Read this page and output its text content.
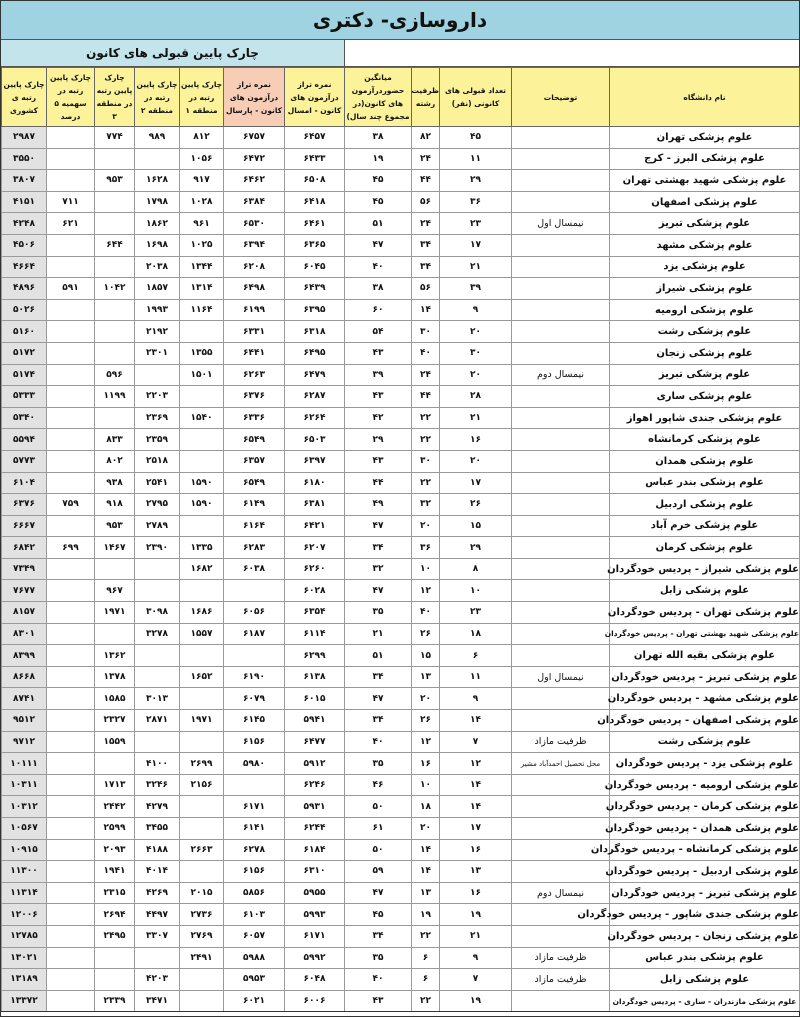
داروسازی- دکتری
چارک پایین قبولی های کانون
چارک پایین رتبه ی کشوری	چارک پایین رتبه در سهمیه ۵ درصد	چارک پایین رتبه در منطقه ۳	چارک پایین رتبه در منطقه ۲	چارک پایین رتبه در منطقه ۱	نمره تراز درآزمون های کانون - پارسال	نمره تراز درآزمون های کانون - امسال	میانگین حضوردرآزمون های کانون(در مجموع چند سال)	ظرفیت رشته	تعداد قبولی های کانونی (نفر)	توضیحات	نام دانشگاه
۲۹۸۷		۷۷۴	۹۸۹	۸۱۲	۶۷۵۷	۶۴۵۷	۳۸	۸۲	۴۵		علوم پزشکی تهران
۳۵۵۰				۱۰۵۶	۶۴۷۲	۶۴۳۳	۱۹	۲۴	۱۱		علوم پزشکی البرز - کرج
۳۸۰۷		۹۵۳	۱۶۲۸	۹۱۷	۶۴۶۲	۶۵۰۸	۴۵	۴۴	۲۹		علوم پزشکی شهید بهشتی تهران
۴۱۵۱	۷۱۱		۱۷۹۸	۱۰۲۸	۶۳۸۴	۶۴۱۸	۴۵	۵۶	۳۶		علوم پزشکی اصفهان
۴۲۴۸	۶۲۱		۱۸۶۲	۹۶۱	۶۵۳۰	۶۴۶۱	۵۱	۲۴	۲۳	نیمسال اول	علوم پزشکی تبریز
۴۵۰۶		۶۴۴	۱۶۹۸	۱۰۲۵	۶۳۹۴	۶۳۶۵	۴۷	۳۴	۱۷		علوم پزشکی مشهد
۴۶۶۴			۲۰۳۸	۱۳۴۴	۶۲۰۸	۶۰۴۵	۴۰	۳۴	۲۱		علوم پزشکی یزد
۴۸۹۶	۵۹۱	۱۰۴۲	۱۸۵۷	۱۳۱۴	۶۴۹۸	۶۴۳۹	۳۸	۵۶	۳۹		علوم پزشکی شیراز
۵۰۲۶			۱۹۹۳	۱۱۶۴	۶۱۹۹	۶۳۹۵	۶۰	۱۴	۹		علوم پزشکی ارومیه
۵۱۶۰			۲۱۹۲		۶۳۳۱	۶۳۱۸	۵۴	۳۰	۲۰		علوم پزشکی رشت
۵۱۷۲			۲۳۰۱	۱۳۵۵	۶۴۴۱	۶۴۹۵	۴۳	۴۰	۳۰		علوم پزشکی زنجان
۵۱۷۴		۵۹۶		۱۵۰۱	۶۲۶۳	۶۴۷۹	۳۹	۲۴	۲۰	نیمسال دوم	علوم پزشکی تبریز
۵۳۳۳		۱۱۹۹	۲۲۰۳		۶۳۷۶	۶۲۸۷	۴۳	۴۴	۲۸		علوم پزشکی ساری
۵۳۴۰			۲۳۶۹	۱۵۴۰	۶۳۳۶	۶۲۶۴	۴۲	۲۲	۲۱		علوم پزشکی جندی شاپور اهواز
۵۵۹۴		۸۳۳	۲۳۵۹		۶۵۴۹	۶۵۰۳	۲۹	۲۲	۱۶		علوم پزشکی کرمانشاه
۵۷۷۳		۸۰۲	۲۵۱۸		۶۳۵۷	۶۳۹۷	۴۳	۳۰	۲۰		علوم پزشکی همدان
۶۱۰۴		۹۳۸	۲۵۴۱	۱۵۹۰	۶۵۴۹	۶۱۸۰	۴۴	۲۲	۱۷		علوم پزشکی بندر عباس
۶۳۷۶	۷۵۹	۹۱۸	۲۷۹۵	۱۵۹۰	۶۱۴۹	۶۳۸۱	۴۹	۳۲	۲۶		علوم پزشکی اردبیل
۶۶۶۷		۹۵۳	۲۷۸۹		۶۱۶۴	۶۴۲۱	۴۷	۲۰	۱۵		علوم پزشکی خرم آباد
۶۸۴۲	۶۹۹	۱۴۶۷	۲۳۹۰	۱۳۳۵	۶۲۸۳	۶۲۰۷	۳۴	۳۶	۲۹		علوم پزشکی کرمان
۷۳۴۹				۱۶۸۲	۶۰۳۸	۶۲۶۰	۳۲	۱۰	۸		علوم پزشکی شیراز - پردیس خودگردان
۷۶۷۷		۹۶۷				۶۰۲۸	۴۷	۱۲	۱۰		علوم پزشکی زابل
۸۱۵۷		۱۹۷۱	۳۰۹۸	۱۶۸۶	۶۰۵۶	۶۳۵۴	۳۵	۴۰	۲۳		علوم پزشکی تهران - پردیس خودگردان
۸۳۰۱			۳۲۷۸	۱۵۵۷	۶۱۸۷	۶۱۱۴	۲۱	۲۶	۱۸		علوم پزشکی شهید بهشتی تهران - پردیس خودگردان
۸۳۹۹		۱۳۶۲				۶۲۹۹	۵۱	۱۵	۶		علوم پزشکی بقیه الله تهران
۸۶۶۸		۱۳۷۸		۱۶۵۲	۶۱۹۰	۶۱۳۸	۳۴	۱۳	۱۱	نیمسال اول	علوم پزشکی تبریز - پردیس خودگردان
۸۷۴۱		۱۵۸۵	۳۰۱۳		۶۰۷۹	۶۰۱۵	۴۷	۲۰	۹		علوم پزشکی مشهد - پردیس خودگردان
۹۵۱۲		۲۳۲۷	۲۸۷۱	۱۹۷۱	۶۱۴۵	۵۹۴۱	۳۴	۲۶	۱۴		علوم پزشکی اصفهان - پردیس خودگردان
۹۷۱۲		۱۵۵۹			۶۱۵۶	۶۴۷۷	۴۰	۱۲	۷	ظرفیت مازاد	علوم پزشکی رشت
۱۰۱۱۱			۴۱۰۰	۲۶۹۹	۵۹۸۰	۵۹۱۲	۳۵	۱۶	۱۲	محل تحصیل احمدآباد مشیر	علوم پزشکی یزد - پردیس خودگردان
۱۰۳۱۱		۱۷۱۳	۳۲۴۶	۲۱۵۶		۶۲۴۶	۴۶	۱۰	۱۴		علوم پزشکی ارومیه - پردیس خودگردان
۱۰۳۱۲		۲۴۴۲	۴۲۷۹		۶۱۷۱	۵۹۳۱	۵۰	۱۸	۱۴		علوم پزشکی کرمان - پردیس خودگردان
۱۰۵۶۷		۲۵۹۹	۳۴۵۵		۶۱۴۱	۶۲۴۴	۶۱	۲۰	۱۷		علوم پزشکی همدان - پردیس خودگردان
۱۰۹۱۵		۲۰۹۳	۴۱۸۸	۲۶۶۳	۶۲۷۸	۶۱۸۴	۵۰	۱۴	۱۶		علوم پزشکی کرمانشاه - پردیس خودگردان
۱۱۳۰۰		۱۹۴۱	۴۰۱۴		۶۱۵۶	۶۳۱۰	۵۹	۱۴	۱۳		علوم پزشکی اردبیل - پردیس خودگردان
۱۱۳۱۴		۲۳۱۵	۴۲۶۹	۲۰۱۵	۵۸۵۶	۵۹۵۵	۴۷	۱۳	۱۶	نیمسال دوم	علوم پزشکی تبریز - پردیس خودگردان
۱۲۰۰۶		۲۶۹۴	۴۴۹۷	۲۷۳۶	۶۱۰۳	۵۹۹۳	۴۵	۱۹	۱۹		علوم پزشکی جندی شاپور - پردیس خودگردان
۱۲۷۸۵		۲۴۹۵	۳۳۰۷	۲۷۶۹	۶۰۵۷	۶۱۷۱	۳۴	۲۲	۲۱		علوم پزشکی زنجان - پردیس خودگردان
۱۳۰۲۱				۲۴۹۱	۵۹۸۸	۵۹۹۲	۳۵	۶	۹	ظرفیت مازاد	علوم پزشکی بندر عباس
۱۳۱۸۹			۴۲۰۳		۵۹۵۳	۶۰۴۸	۴۰	۶	۷	ظرفیت مازاد	علوم پزشکی زابل
۱۳۳۷۲		۲۳۳۹	۳۴۷۱		۶۰۲۱	۶۰۰۶	۴۳	۲۲	۱۹		علوم پزشکی مازندران - ساری - پردیس خودگردان
